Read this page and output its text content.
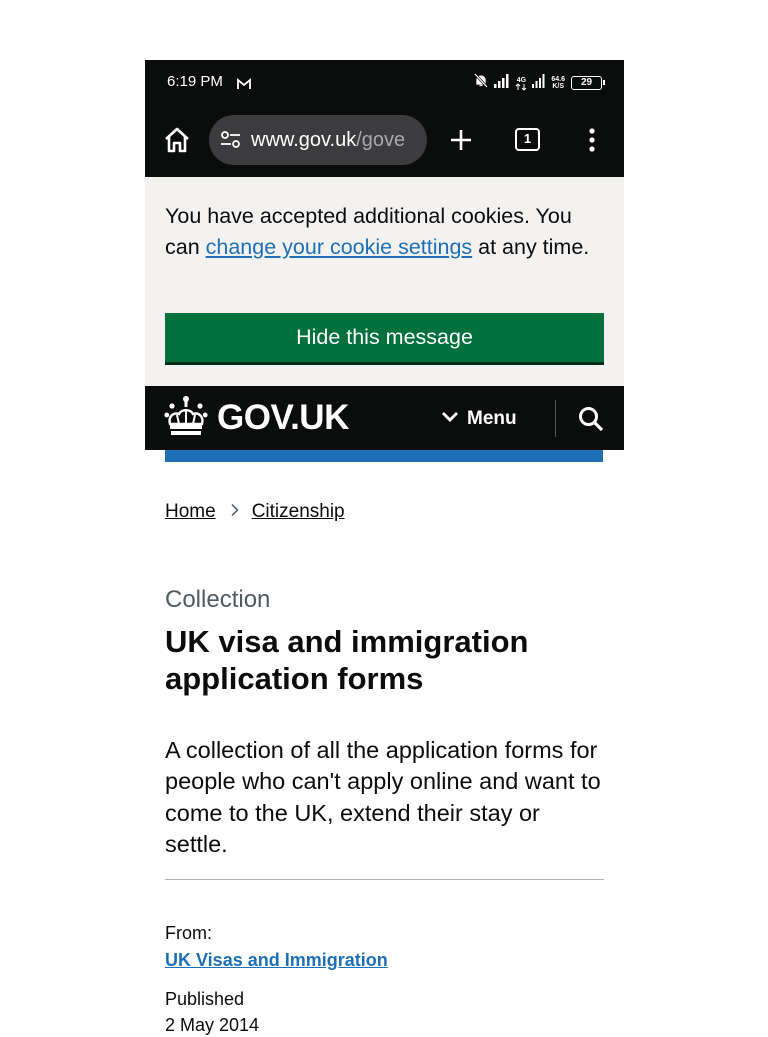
6:19 PM	4G	64.6
K/S	29
www.gov.uk/gove	1

You have accepted additional cookies. You can change your cookie settings at any time.

Hide this message
GOV.UK	Menu
Home Citizenship
Collection
UK visa and immigration application forms

A collection of all the application forms for people who can't apply online and want to come to the UK, extend their stay or settle.

From:
UK Visas and Immigration
Published
2 May 2014
